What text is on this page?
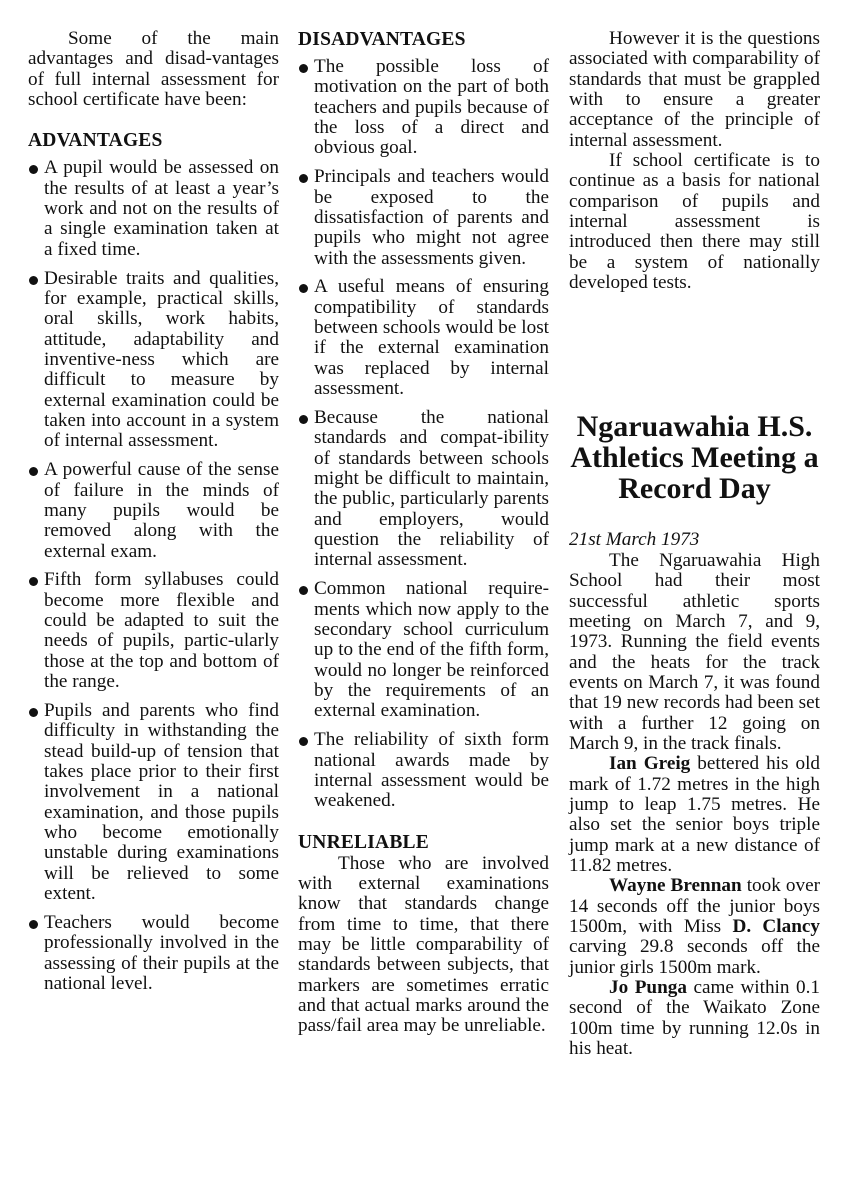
Some of the main advantages and disad-vantages of full internal assessment for school certificate have been:

ADVANTAGES
A pupil would be assessed on the results of at least a year’s work and not on the results of a single examination taken at a fixed time.
Desirable traits and qualities, for example, practical skills, oral skills, work habits, attitude, adaptability and inventive-ness which are difficult to measure by external examination could be taken into account in a system of internal assessment.
A powerful cause of the sense of failure in the minds of many pupils would be removed along with the external exam.
Fifth form syllabuses could become more flexible and could be adapted to suit the needs of pupils, partic-ularly those at the top and bottom of the range.
Pupils and parents who find difficulty in withstanding the stead build-up of tension that takes place prior to their first involvement in a national examination, and those pupils who become emotionally unstable during examinations will be relieved to some extent.
Teachers would become professionally involved in the assessing of their pupils at the national level.
DISADVANTAGES
The possible loss of motivation on the part of both teachers and pupils because of the loss of a direct and obvious goal.
Principals and teachers would be exposed to the dissatisfaction of parents and pupils who might not agree with the assessments given.
A useful means of ensuring compatibility of standards between schools would be lost if the external examination was replaced by internal assessment.
Because the national standards and compat-ibility of standards between schools might be difficult to maintain, the public, particularly parents and employers, would question the reliability of internal assessment.
Common national require-ments which now apply to the secondary school curriculum up to the end of the fifth form, would no longer be reinforced by the requirements of an external examination.
The reliability of sixth form national awards made by internal assessment would be weakened.
UNRELIABLE

Those who are involved with external examinations know that standards change from time to time, that there may be little comparability of standards between subjects, that markers are sometimes erratic and that actual marks around the pass/fail area may be unreliable.

However it is the questions associated with comparability of standards that must be grappled with to ensure a greater acceptance of the principle of internal assessment.

If school certificate is to continue as a basis for national comparison of pupils and internal assessment is introduced then there may still be a system of nationally developed tests.

Ngaruawahia H.S. Athletics Meeting a Record Day

21st March 1973

The Ngaruawahia High School had their most successful athletic sports meeting on March 7, and 9, 1973. Running the field events and the heats for the track events on March 7, it was found that 19 new records had been set with a further 12 going on March 9, in the track finals.

Ian Greig bettered his old mark of 1.72 metres in the high jump to leap 1.75 metres. He also set the senior boys triple jump mark at a new distance of 11.82 metres.

Wayne Brennan took over 14 seconds off the junior boys 1500m, with Miss D. Clancy carving 29.8 seconds off the junior girls 1500m mark.

Jo Punga came within 0.1 second of the Waikato Zone 100m time by running 12.0s in his heat.
